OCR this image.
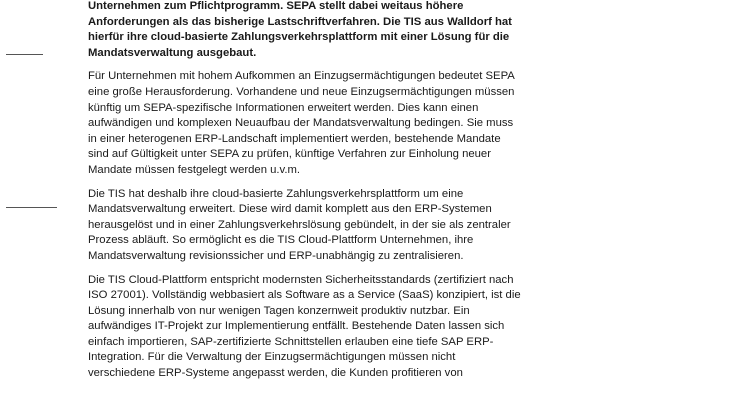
Unternehmen zum Pflichtprogramm. SEPA stellt dabei weitaus höhere
Anforderungen als das bisherige Lastschriftverfahren. Die TIS aus Walldorf hat
hierfür ihre cloud-basierte Zahlungsverkehrsplattform mit einer Lösung für die
Mandatsverwaltung ausgebaut.
Für Unternehmen mit hohem Aufkommen an Einzugsermächtigungen bedeutet SEPA
eine große Herausforderung. Vorhandene und neue Einzugsermächtigungen müssen
künftig um SEPA-spezifische Informationen erweitert werden. Dies kann einen
aufwändigen und komplexen Neuaufbau der Mandatsverwaltung bedingen. Sie muss
in einer heterogenen ERP-Landschaft implementiert werden, bestehende Mandate
sind auf Gültigkeit unter SEPA zu prüfen, künftige Verfahren zur Einholung neuer
Mandate müssen festgelegt werden u.v.m.
Die TIS hat deshalb ihre cloud-basierte Zahlungsverkehrsplattform um eine
Mandatsverwaltung erweitert. Diese wird damit komplett aus den ERP-Systemen
herausgelöst und in einer Zahlungsverkehrslösung gebündelt, in der sie als zentraler
Prozess abläuft. So ermöglicht es die TIS Cloud-Plattform Unternehmen, ihre
Mandatsverwaltung revisionssicher und ERP-unabhängig zu zentralisieren.
Die TIS Cloud-Plattform entspricht modernsten Sicherheitsstandards (zertifiziert nach
ISO 27001). Vollständig webbasiert als Software as a Service (SaaS) konzipiert, ist die
Lösung innerhalb von nur wenigen Tagen konzernweit produktiv nutzbar. Ein
aufwändiges IT-Projekt zur Implementierung entfällt. Bestehende Daten lassen sich
einfach importieren, SAP-zertifizierte Schnittstellen erlauben eine tiefe SAP ERP-
Integration. Für die Verwaltung der Einzugsermächtigungen müssen nicht
verschiedene ERP-Systeme angepasst werden, die Kunden profitieren von
